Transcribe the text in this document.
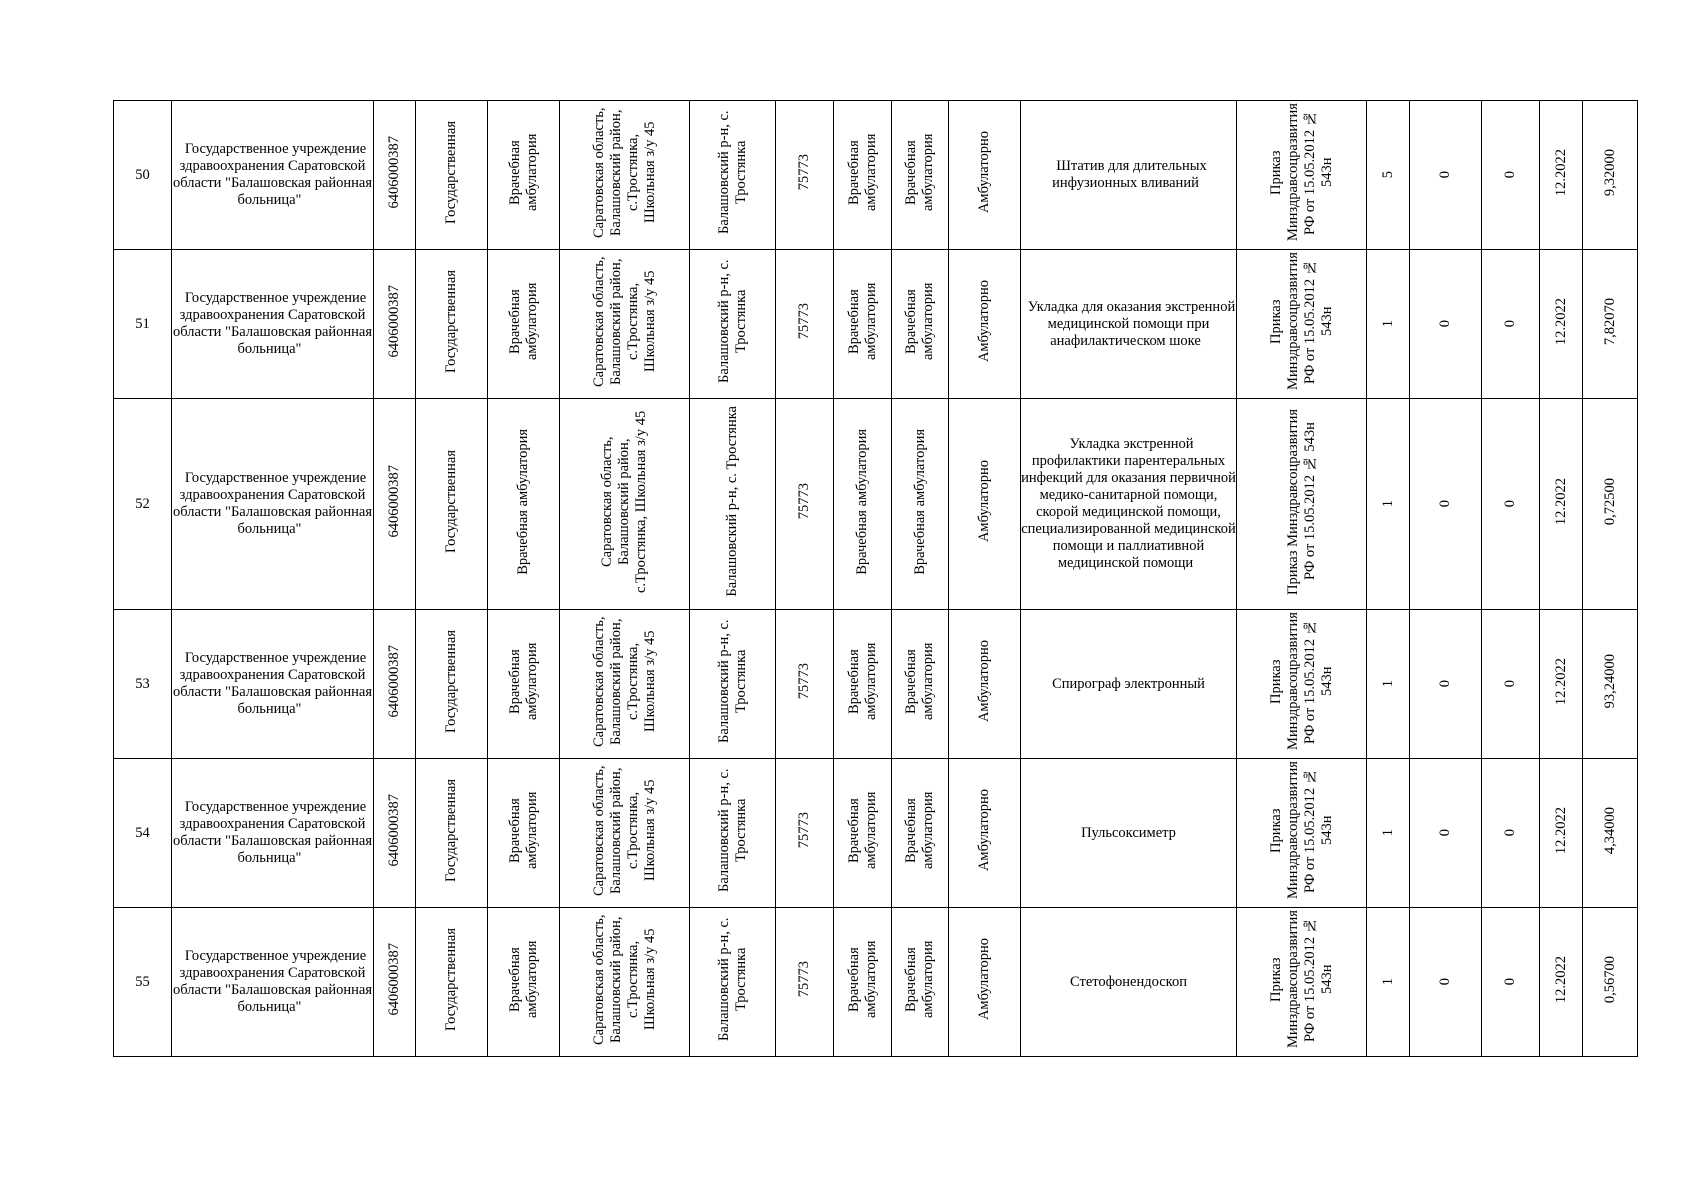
50	Государственное учреждение здравоохранения Саратовской области "Балашовская районная больница"	6406000387	Государственная	Врачебная амбулатория	Саратовская область, Балашовский район, с.Тростянка, Школьная з/у 45	Балашовский р-н, с. Тростянка	75773	Врачебная амбулатория	Врачебная амбулатория	Амбулаторно	Штатив для длительных инфузионных вливаний	Приказ Минздравсоцразвития РФ от 15.05.2012 № 543н	5	0	0	12.2022	9,32000
51	Государственное учреждение здравоохранения Саратовской области "Балашовская районная больница"	6406000387	Государственная	Врачебная амбулатория	Саратовская область, Балашовский район, с.Тростянка, Школьная з/у 45	Балашовский р-н, с. Тростянка	75773	Врачебная амбулатория	Врачебная амбулатория	Амбулаторно	Укладка для оказания экстренной медицинской помощи при анафилактическом шоке	Приказ Минздравсоцразвития РФ от 15.05.2012 № 543н	1	0	0	12.2022	7,82070
52	Государственное учреждение здравоохранения Саратовской области "Балашовская районная больница"	6406000387	Государственная	Врачебная амбулатория	Саратовская область, Балашовский район, с.Тростянка, Школьная з/у 45	Балашовский р-н, с. Тростянка	75773	Врачебная амбулатория	Врачебная амбулатория	Амбулаторно	Укладка экстренной профилактики парентеральных инфекций для оказания первичной медико-санитарной помощи, скорой медицинской помощи, специализированной медицинской помощи и паллиативной медицинской помощи	Приказ Минздравсоцразвития РФ от 15.05.2012 № 543н	1	0	0	12.2022	0,72500
53	Государственное учреждение здравоохранения Саратовской области "Балашовская районная больница"	6406000387	Государственная	Врачебная амбулатория	Саратовская область, Балашовский район, с.Тростянка, Школьная з/у 45	Балашовский р-н, с. Тростянка	75773	Врачебная амбулатория	Врачебная амбулатория	Амбулаторно	Спирограф электронный	Приказ Минздравсоцразвития РФ от 15.05.2012 № 543н	1	0	0	12.2022	93,24000
54	Государственное учреждение здравоохранения Саратовской области "Балашовская районная больница"	6406000387	Государственная	Врачебная амбулатория	Саратовская область, Балашовский район, с.Тростянка, Школьная з/у 45	Балашовский р-н, с. Тростянка	75773	Врачебная амбулатория	Врачебная амбулатория	Амбулаторно	Пульсоксиметр	Приказ Минздравсоцразвития РФ от 15.05.2012 № 543н	1	0	0	12.2022	4,34000
55	Государственное учреждение здравоохранения Саратовской области "Балашовская районная больница"	6406000387	Государственная	Врачебная амбулатория	Саратовская область, Балашовский район, с.Тростянка, Школьная з/у 45	Балашовский р-н, с. Тростянка	75773	Врачебная амбулатория	Врачебная амбулатория	Амбулаторно	Стетофонендоскоп	Приказ Минздравсоцразвития РФ от 15.05.2012 № 543н	1	0	0	12.2022	0,56700
